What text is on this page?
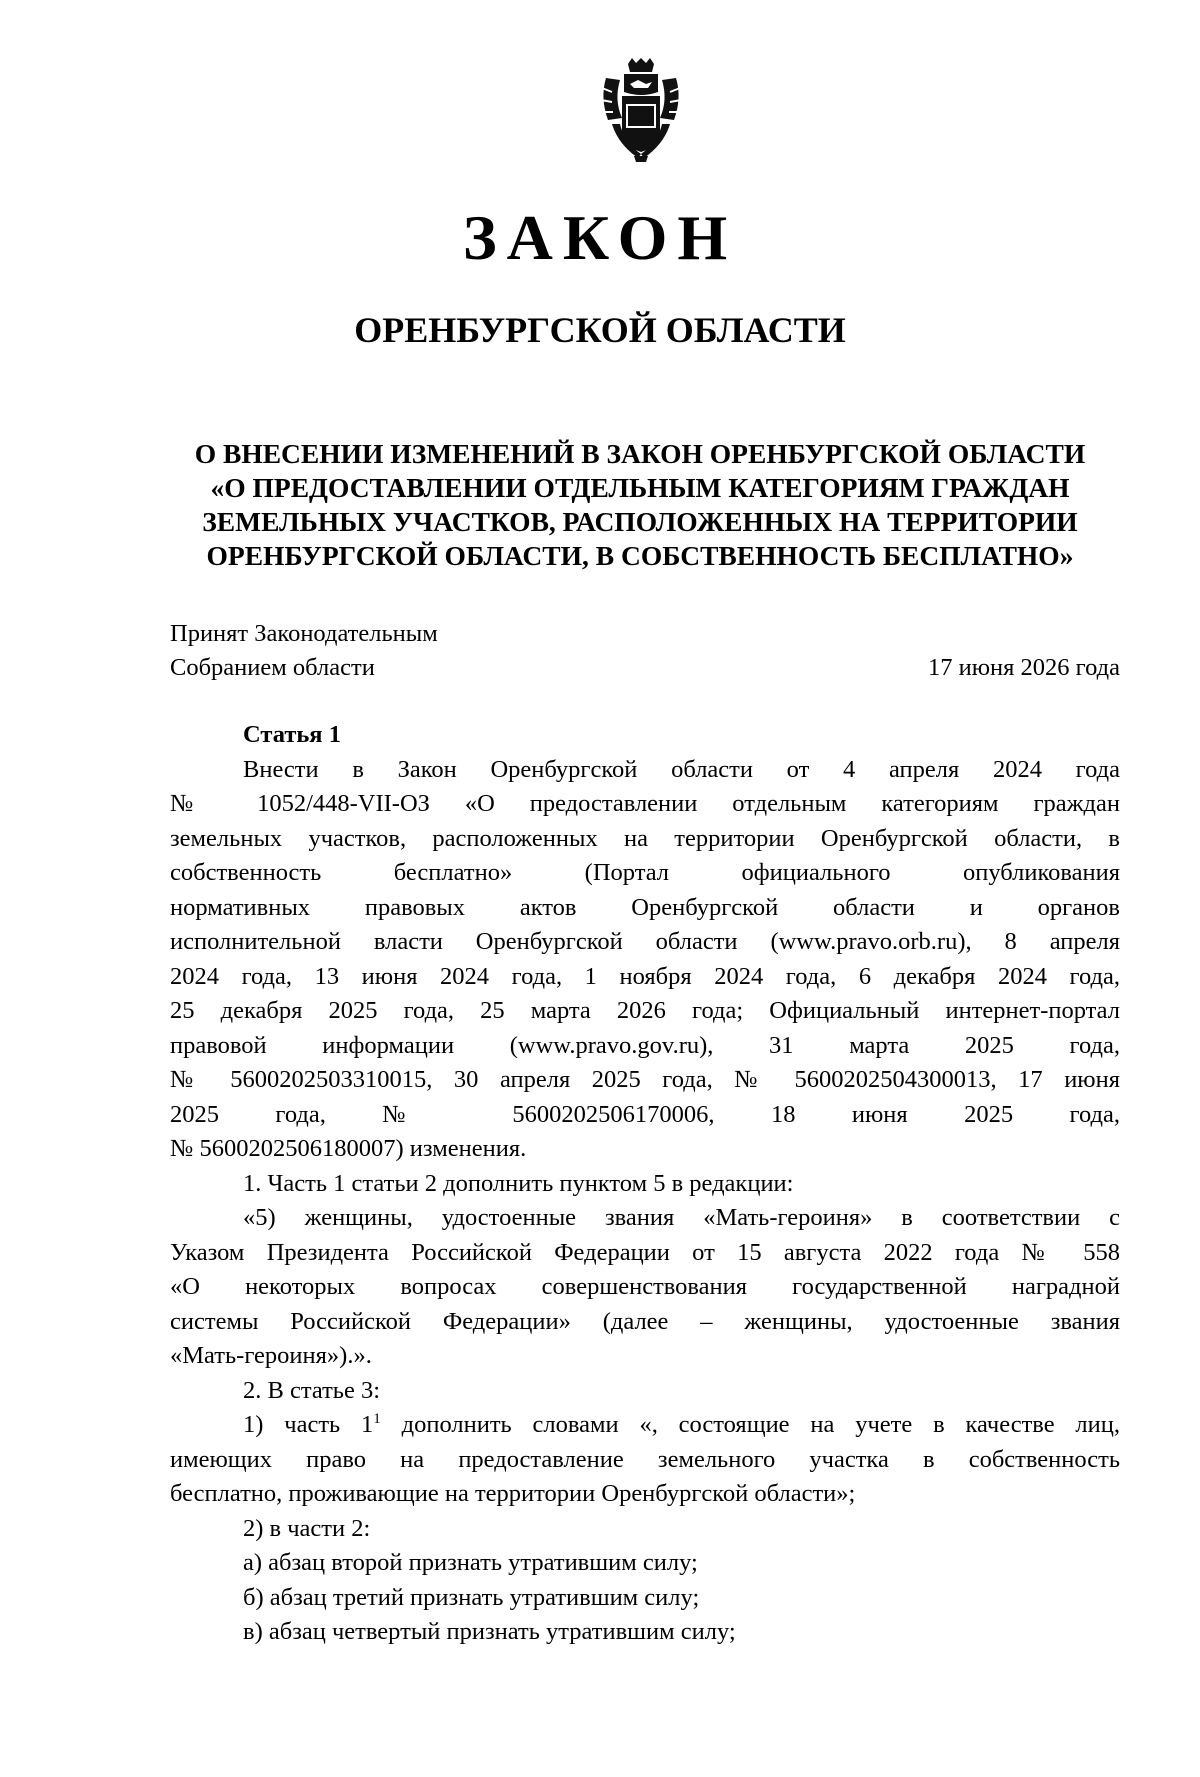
ЗАКОН
ОРЕНБУРГСКОЙ ОБЛАСТИ
О ВНЕСЕНИИ ИЗМЕНЕНИЙ В ЗАКОН ОРЕНБУРГСКОЙ ОБЛАСТИ
«О ПРЕДОСТАВЛЕНИИ ОТДЕЛЬНЫМ КАТЕГОРИЯМ ГРАЖДАН
ЗЕМЕЛЬНЫХ УЧАСТКОВ, РАСПОЛОЖЕННЫХ НА ТЕРРИТОРИИ
ОРЕНБУРГСКОЙ ОБЛАСТИ, В СОБСТВЕННОСТЬ БЕСПЛАТНО»
Принят Законодательным
Собранием области	17 июня 2026 года

Статья 1

Внести в Закон Оренбургской области от 4 апреля 2024 года

№ 1052/448-VII-ОЗ «О предоставлении отдельным категориям граждан

земельных участков, расположенных на территории Оренбургской области, в

собственность бесплатно» (Портал официального опубликования

нормативных правовых актов Оренбургской области и органов

исполнительной власти Оренбургской области (www.pravo.orb.ru), 8 апреля

2024 года, 13 июня 2024 года, 1 ноября 2024 года, 6 декабря 2024 года,

25 декабря 2025 года, 25 марта 2026 года; Официальный интернет-портал

правовой информации (www.pravo.gov.ru), 31 марта 2025 года,

№ 5600202503310015, 30 апреля 2025 года, № 5600202504300013, 17 июня

2025 года, № 5600202506170006, 18 июня 2025 года,

№ 5600202506180007) изменения.

1. Часть 1 статьи 2 дополнить пунктом 5 в редакции:

«5) женщины, удостоенные звания «Мать-героиня» в соответствии с

Указом Президента Российской Федерации от 15 августа 2022 года № 558

«О некоторых вопросах совершенствования государственной наградной

системы Российской Федерации» (далее – женщины, удостоенные звания

«Мать-героиня»).».

2. В статье 3:

1) часть $1^1$ дополнить словами «, состоящие на учете в качестве лиц,

имеющих право на предоставление земельного участка в собственность

бесплатно, проживающие на территории Оренбургской области»;

2) в части 2:

а) абзац второй признать утратившим силу;

б) абзац третий признать утратившим силу;

в) абзац четвертый признать утратившим силу;
